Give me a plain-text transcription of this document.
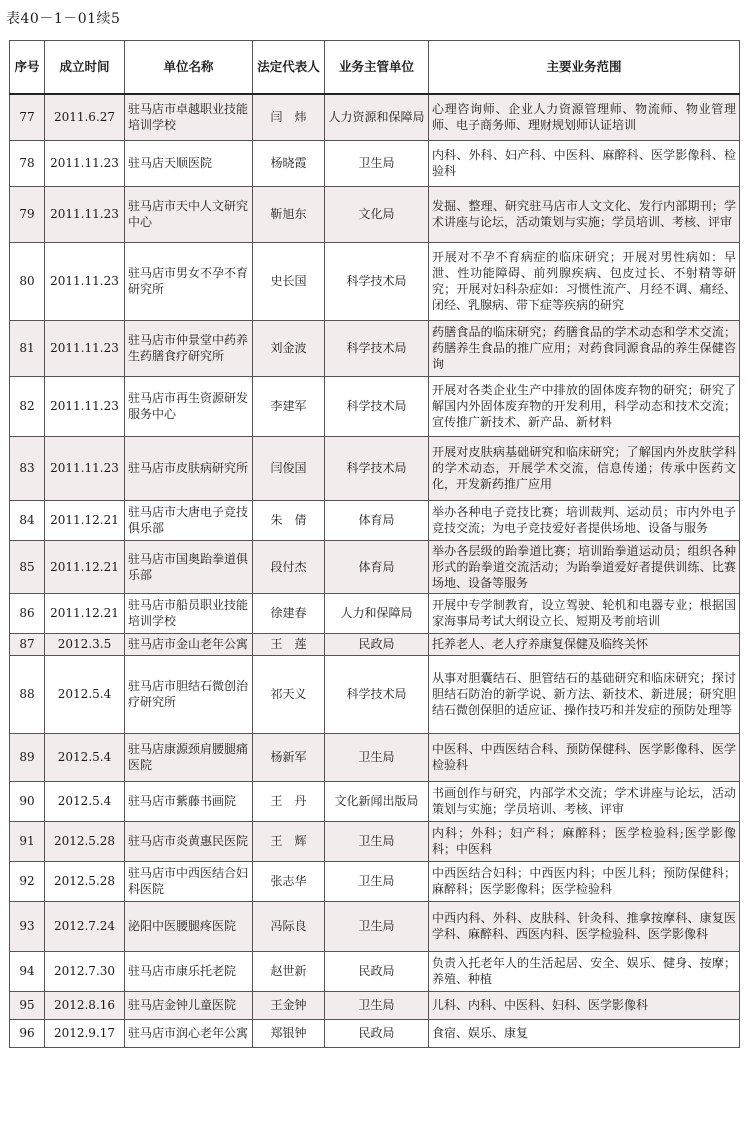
表40－1－01续5
序号	成立时间	单位名称	法定代表人	业务主管单位	主要业务范围
77	2011.6.27	驻马店市卓越职业技能培训学校	闫　炜	人力资源和保障局	心理咨询师、企业人力资源管理师、物流师、物业管理师、电子商务师、理财规划师认证培训
78	2011.11.23	驻马店天顺医院	杨晓霞	卫生局	内科、外科、妇产科、中医科、麻醉科、医学影像科、检验科
79	2011.11.23	驻马店市天中人文研究中心	靳旭东	文化局	发掘、整理、研究驻马店市人文文化、发行内部期刊；学术讲座与论坛，活动策划与实施；学员培训、考核、评审
80	2011.11.23	驻马店市男女不孕不育研究所	史长国	科学技术局	开展对不孕不育病症的临床研究；开展对男性病如：早泄、性功能障碍、前列腺疾病、包皮过长、不射精等研究；开展对妇科杂症如：习惯性流产、月经不调、痛经、闭经、乳腺病、带下症等疾病的研究
81	2011.11.23	驻马店市仲景堂中药养生药膳食疗研究所	刘金波	科学技术局	药膳食品的临床研究；药膳食品的学术动态和学术交流；药膳养生食品的推广应用；对药食同源食品的养生保健咨询
82	2011.11.23	驻马店市再生资源研发服务中心	李建军	科学技术局	开展对各类企业生产中排放的固体废弃物的研究；研究了解国内外固体废弃物的开发利用，科学动态和技术交流；宣传推广新技术、新产品、新材料
83	2011.11.23	驻马店市皮肤病研究所	闫俊国	科学技术局	开展对皮肤病基础研究和临床研究；了解国内外皮肤学科的学术动态，开展学术交流，信息传递；传承中医药文化，开发新药推广应用
84	2011.12.21	驻马店市大唐电子竞技俱乐部	朱　倩	体育局	举办各种电子竞技比赛；培训裁判、运动员；市内外电子竞技交流；为电子竞技爱好者提供场地、设备与服务
85	2011.12.21	驻马店市国奥跆拳道俱乐部	段付杰	体育局	举办各层级的跆拳道比赛；培训跆拳道运动员；组织各种形式的跆拳道交流活动；为跆拳道爱好者提供训练、比赛场地、设备等服务
86	2011.12.21	驻马店市船员职业技能培训学校	徐建春	人力和保障局	开展中专学制教育，设立驾驶、轮机和电器专业；根据国家海事局考试大纲设立长、短期及考前培训
87	2012.3.5	驻马店市金山老年公寓	王　莲	民政局	托养老人、老人疗养康复保健及临终关怀
88	2012.5.4	驻马店市胆结石微创治疗研究所	祁天义	科学技术局	从事对胆囊结石、胆管结石的基础研究和临床研究；探讨胆结石防治的新学说、新方法、新技术、新进展；研究胆结石微创保胆的适应证、操作技巧和并发症的预防处理等
89	2012.5.4	驻马店康源颈肩腰腿痛医院	杨新军	卫生局	中医科、中西医结合科、预防保健科、医学影像科、医学检验科
90	2012.5.4	驻马店市紫藤书画院	王　丹	文化新闻出版局	书画创作与研究，内部学术交流；学术讲座与论坛，活动策划与实施；学员培训、考核、评审
91	2012.5.28	驻马店市炎黄惠民医院	王　辉	卫生局	内科；外科；妇产科；麻醉科；医学检验科;医学影像科；中医科
92	2012.5.28	驻马店市中西医结合妇科医院	张志华	卫生局	中西医结合妇科；中西医内科；中医儿科；预防保健科；麻醉科；医学影像科；医学检验科
93	2012.7.24	泌阳中医腰腿疼医院	冯际良	卫生局	中西内科、外科、皮肤科、针灸科、推拿按摩科、康复医学科、麻醉科、西医内科、医学检验科、医学影像科
94	2012.7.30	驻马店市康乐托老院	赵世新	民政局	负责入托老年人的生活起居、安全、娱乐、健身、按摩；养殖、种植
95	2012.8.16	驻马店金钟儿童医院	王金钟	卫生局	儿科、内科、中医科、妇科、医学影像科
96	2012.9.17	驻马店市润心老年公寓	郑银钟	民政局	食宿、娱乐、康复
